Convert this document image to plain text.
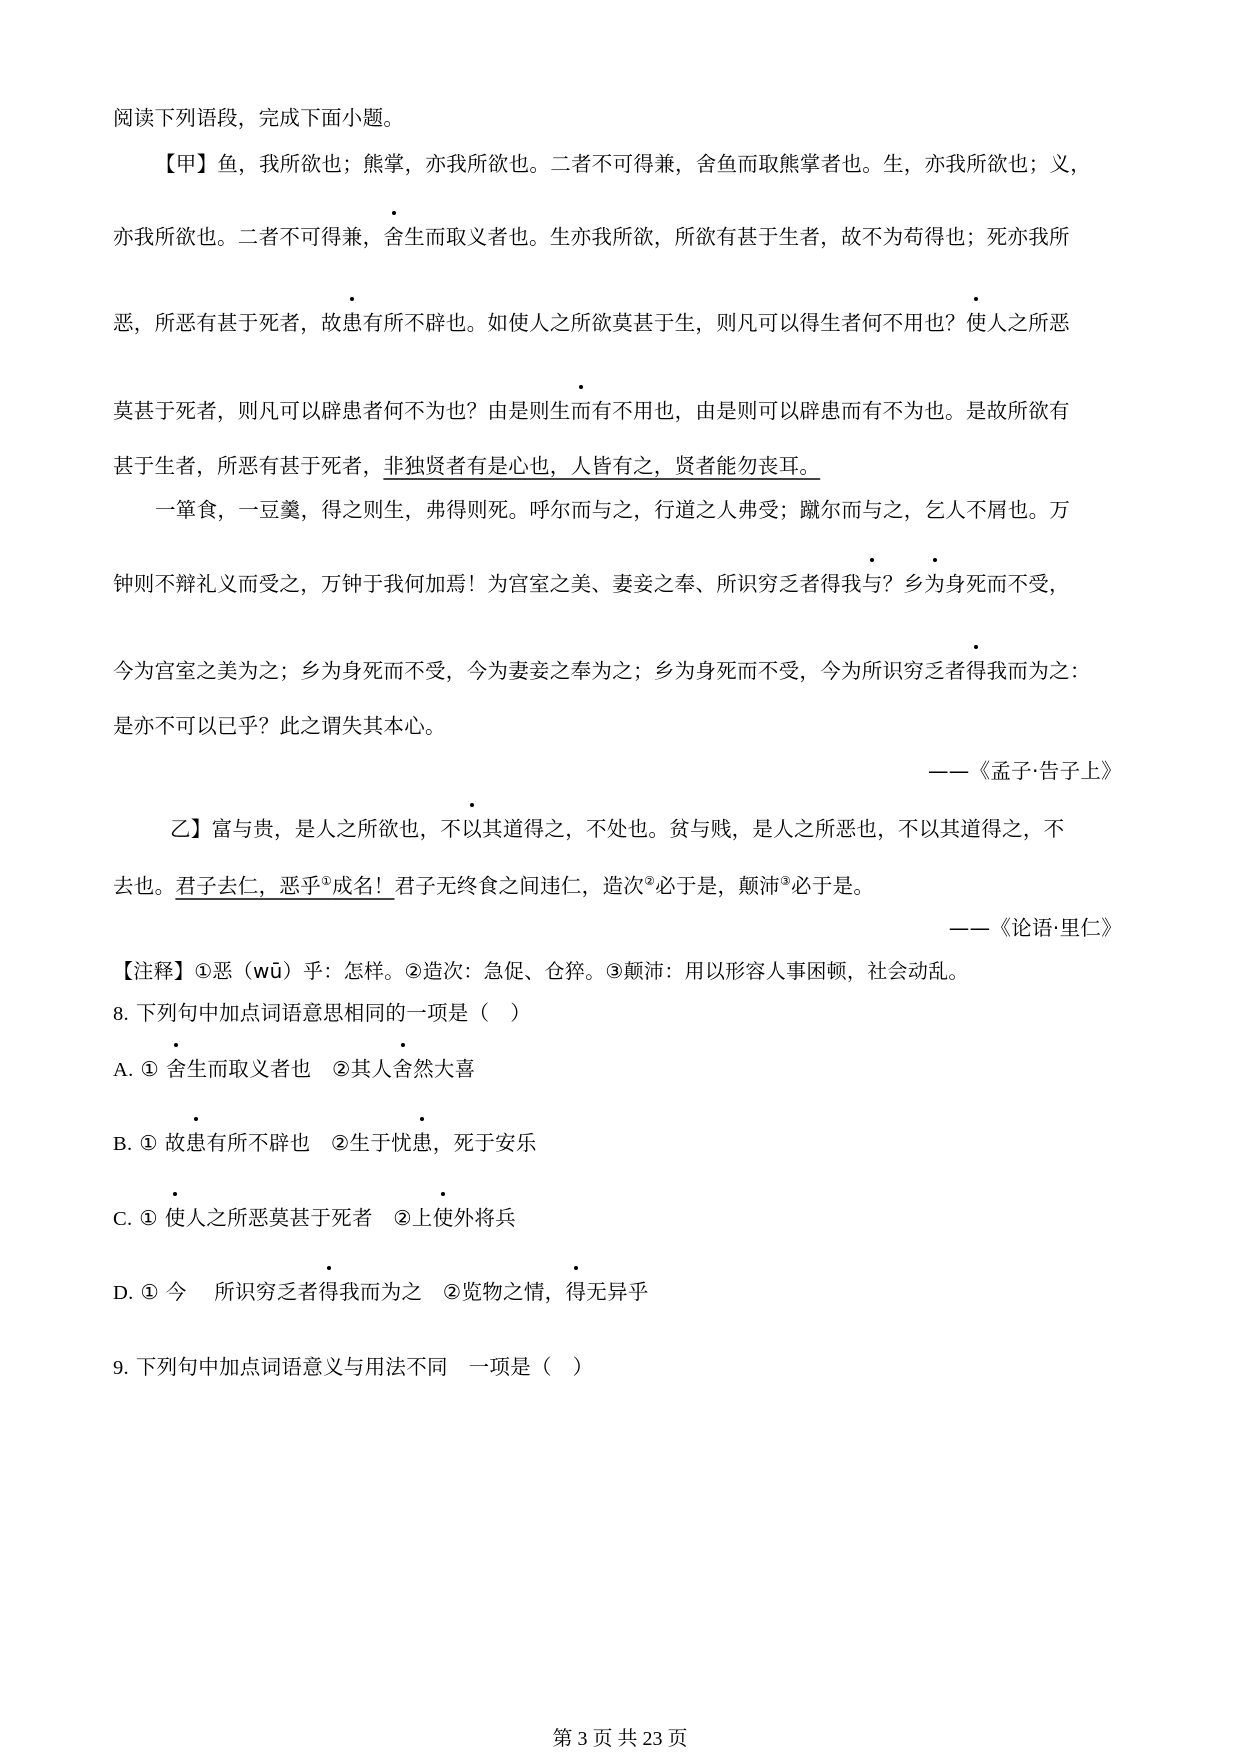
阅读下列语段，完成下面小题。
【甲】鱼，我所欲也；熊掌，亦我所欲也。二者不可得兼，舍鱼而取熊掌者也。生，亦我所欲也；义，
亦我所欲也。二者不可得兼，舍生而取义者也。生亦我所欲，所欲有甚于生者，故不为苟得也；死亦我所
恶，所恶有甚于死者，故患有所不辟也。如使人之所欲莫甚于生，则凡可以得生者何不用也？使人之所恶
莫甚于死者，则凡可以辟患者何不为也？由是则生而有不用也，由是则可以辟患而有不为也。是故所欲有
甚于生者，所恶有甚于死者，非独贤者有是心也，人皆有之，贤者能勿丧耳。
一箪食，一豆羹，得之则生，弗得则死。呼尔而与之，行道之人弗受；蹴尔而与之，乞人不屑也。万
钟则不辩礼义而受之，万钟于我何加焉！为宫室之美、妻妾之奉、所识穷乏者得我与？乡为身死而不受，
今为宫室之美为之；乡为身死而不受，今为妻妾之奉为之；乡为身死而不受，今为所识穷乏者得我而为之：
是亦不可以已乎？此之谓失其本心。
——《孟子·告子上》
乙】富与贵，是人之所欲也，不以其道得之，不处也。贫与贱，是人之所恶也，不以其道得之，不
去也。君子去仁，恶乎①成名！君子无终食之间违仁，造次②必于是，颠沛③必于是。
——《论语·里仁》
【注释】①恶（wū）乎：怎样。②造次：急促、仓猝。③颠沛：用以形容人事困顿，社会动乱。
8. 下列句中加点词语意思相同的一项是（　）
A. ① 舍生而取义者也 ②其人舍然大喜
B. ① 故患有所不辟也 ②生于忧患，死于安乐
C. ① 使人之所恶莫甚于死者 ②上使外将兵
D. ① 今　 所识穷乏者得我而为之 ②览物之情，得无异乎
9. 下列句中加点词语意义与用法不同　一项是（　）
第 3 页 共 23 页
